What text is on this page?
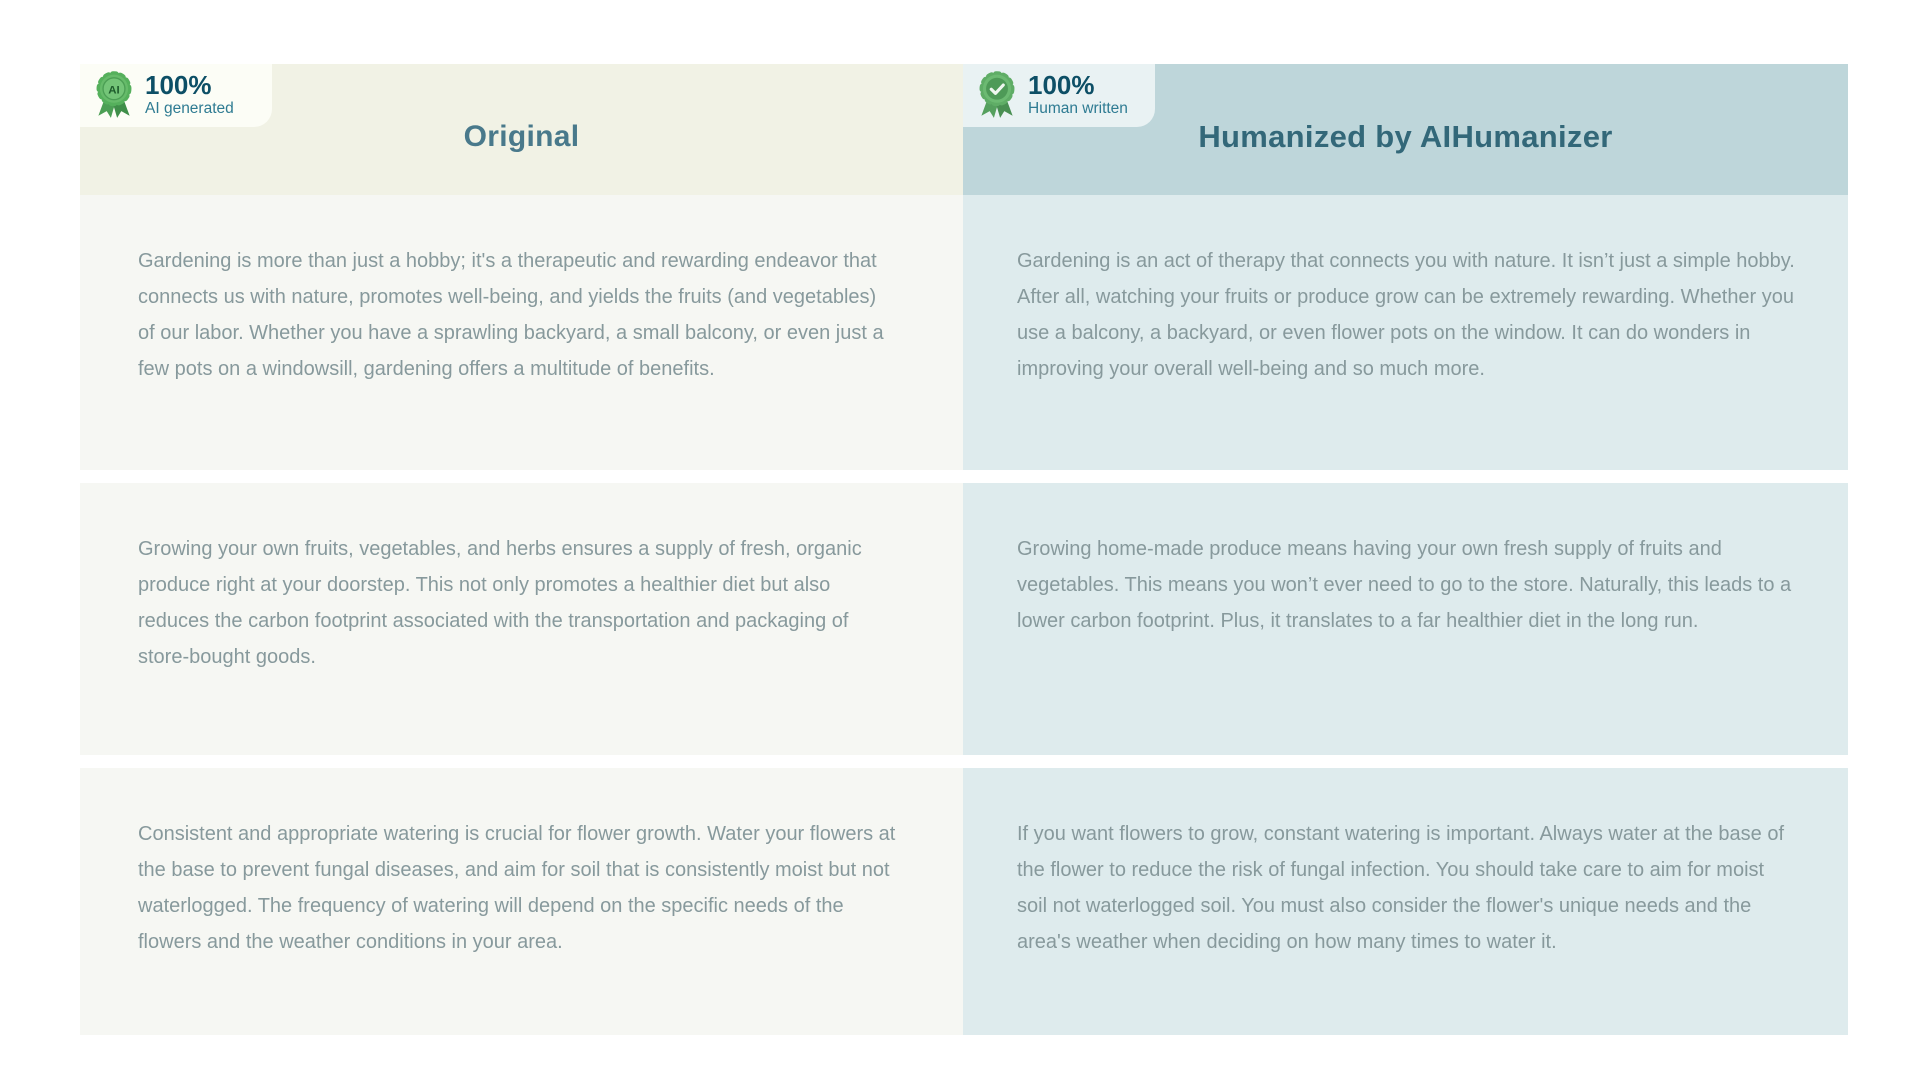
AI 100%
AI generated
Original
100%
Human written
Humanized by AIHumanizer

Gardening is more than just a hobby; it's a therapeutic and rewarding endeavor that connects us with nature, promotes well-being, and yields the fruits (and vegetables) of our labor. Whether you have a sprawling backyard, a small balcony, or even just a few pots on a windowsill, gardening offers a multitude of benefits.

Gardening is an act of therapy that connects you with nature. It isn’t just a simple hobby. After all, watching your fruits or produce grow can be extremely rewarding. Whether you use a balcony, a backyard, or even flower pots on the window. It can do wonders in improving your overall well-being and so much more.

Growing your own fruits, vegetables, and herbs ensures a supply of fresh, organic produce right at your doorstep. This not only promotes a healthier diet but also reduces the carbon footprint associated with the transportation and packaging of store-bought goods.

Growing home-made produce means having your own fresh supply of fruits and vegetables. This means you won’t ever need to go to the store. Naturally, this leads to a lower carbon footprint. Plus, it translates to a far healthier diet in the long run.

Consistent and appropriate watering is crucial for flower growth. Water your flowers at the base to prevent fungal diseases, and aim for soil that is consistently moist but not waterlogged. The frequency of watering will depend on the specific needs of the flowers and the weather conditions in your area.

If you want flowers to grow, constant watering is important. Always water at the base of the flower to reduce the risk of fungal infection. You should take care to aim for moist soil not waterlogged soil. You must also consider the flower's unique needs and the area's weather when deciding on how many times to water it.
